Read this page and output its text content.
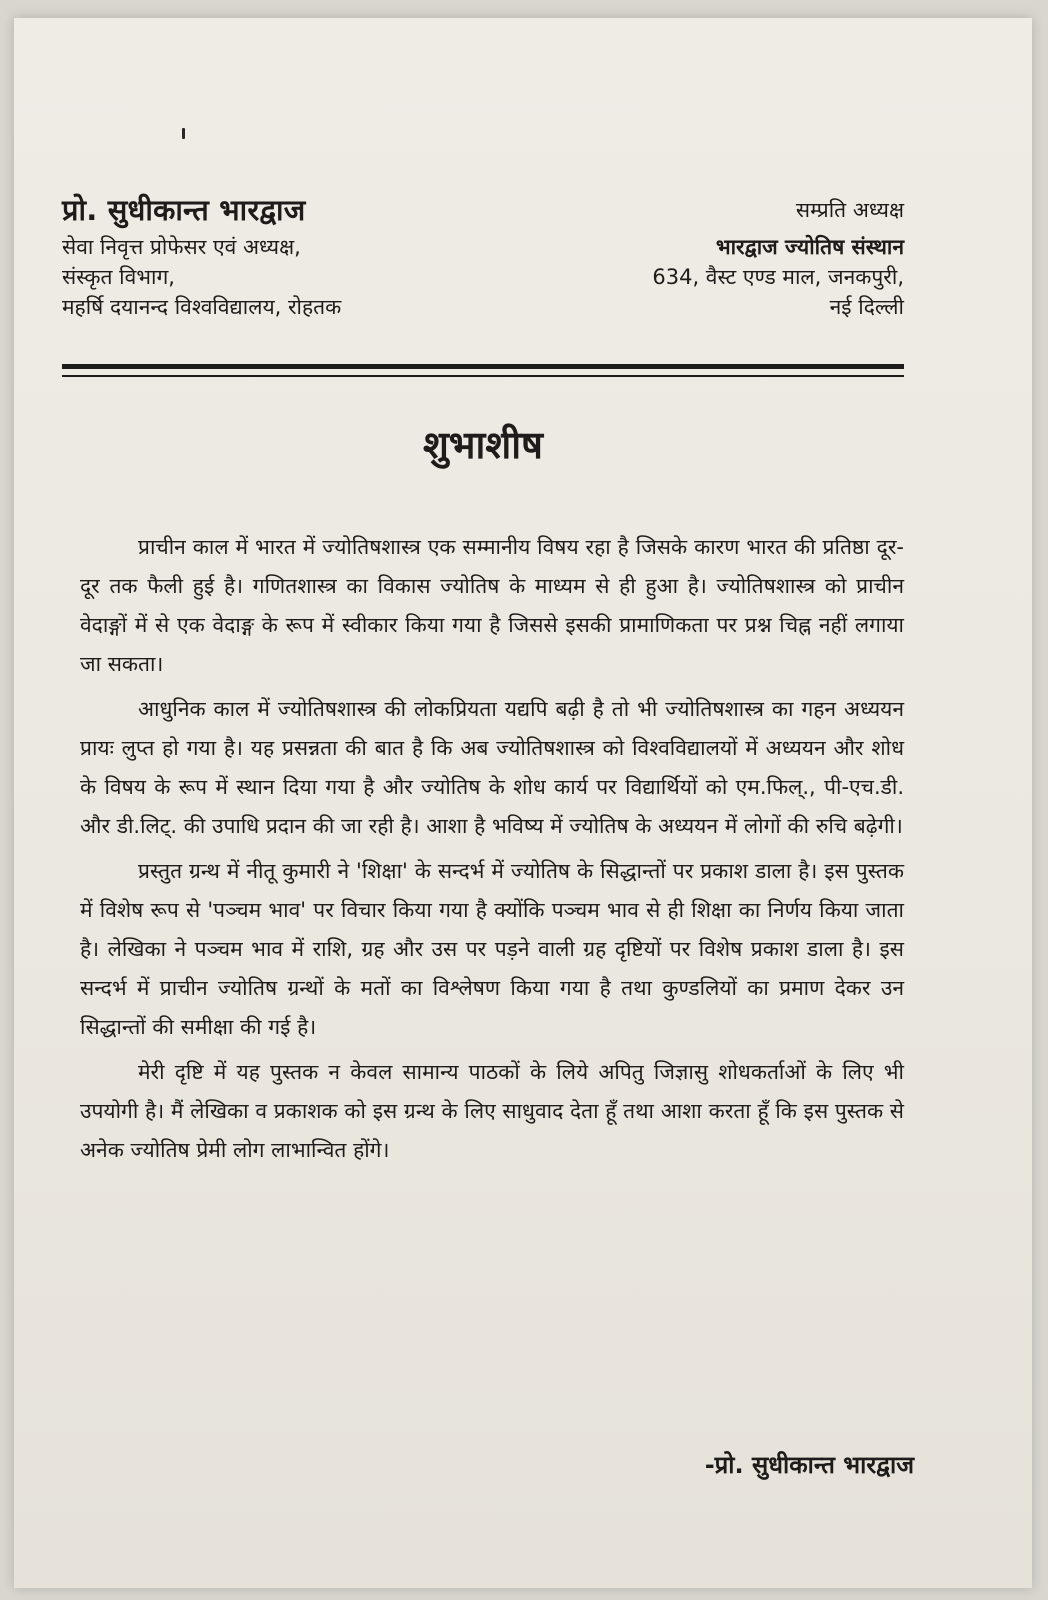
प्रो. सुधीकान्त भारद्वाज
सेवा निवृत्त प्रोफेसर एवं अध्यक्ष,
संस्कृत विभाग,
महर्षि दयानन्द विश्वविद्यालय, रोहतक
सम्प्रति अध्यक्ष
भारद्वाज ज्योतिष संस्थान
634, वैस्ट एण्ड माल, जनकपुरी,
नई दिल्ली
शुभाशीष

प्राचीन काल में भारत में ज्योतिषशास्त्र एक सम्मानीय विषय रहा है जिसके कारण भारत की प्रतिष्ठा दूर-दूर तक फैली हुई है। गणितशास्त्र का विकास ज्योतिष के माध्यम से ही हुआ है। ज्योतिषशास्त्र को प्राचीन वेदाङ्गों में से एक वेदाङ्ग के रूप में स्वीकार किया गया है जिससे इसकी प्रामाणिकता पर प्रश्न चिह्न नहीं लगाया जा सकता।

आधुनिक काल में ज्योतिषशास्त्र की लोकप्रियता यद्यपि बढ़ी है तो भी ज्योतिषशास्त्र का गहन अध्ययन प्रायः लुप्त हो गया है। यह प्रसन्नता की बात है कि अब ज्योतिषशास्त्र को विश्वविद्यालयों में अध्ययन और शोध के विषय के रूप में स्थान दिया गया है और ज्योतिष के शोध कार्य पर विद्यार्थियों को एम.फिल्., पी-एच.डी. और डी.लिट्. की उपाधि प्रदान की जा रही है। आशा है भविष्य में ज्योतिष के अध्ययन में लोगों की रुचि बढ़ेगी।

प्रस्तुत ग्रन्थ में नीतू कुमारी ने 'शिक्षा' के सन्दर्भ में ज्योतिष के सिद्धान्तों पर प्रकाश डाला है। इस पुस्तक में विशेष रूप से 'पञ्चम भाव' पर विचार किया गया है क्योंकि पञ्चम भाव से ही शिक्षा का निर्णय किया जाता है। लेखिका ने पञ्चम भाव में राशि, ग्रह और उस पर पड़ने वाली ग्रह दृष्टियों पर विशेष प्रकाश डाला है। इस सन्दर्भ में प्राचीन ज्योतिष ग्रन्थों के मतों का विश्लेषण किया गया है तथा कुण्डलियों का प्रमाण देकर उन सिद्धान्तों की समीक्षा की गई है।

मेरी दृष्टि में यह पुस्तक न केवल सामान्य पाठकों के लिये अपितु जिज्ञासु शोधकर्ताओं के लिए भी उपयोगी है। मैं लेखिका व प्रकाशक को इस ग्रन्थ के लिए साधुवाद देता हूँ तथा आशा करता हूँ कि इस पुस्तक से अनेक ज्योतिष प्रेमी लोग लाभान्वित होंगे।

-प्रो. सुधीकान्त भारद्वाज
